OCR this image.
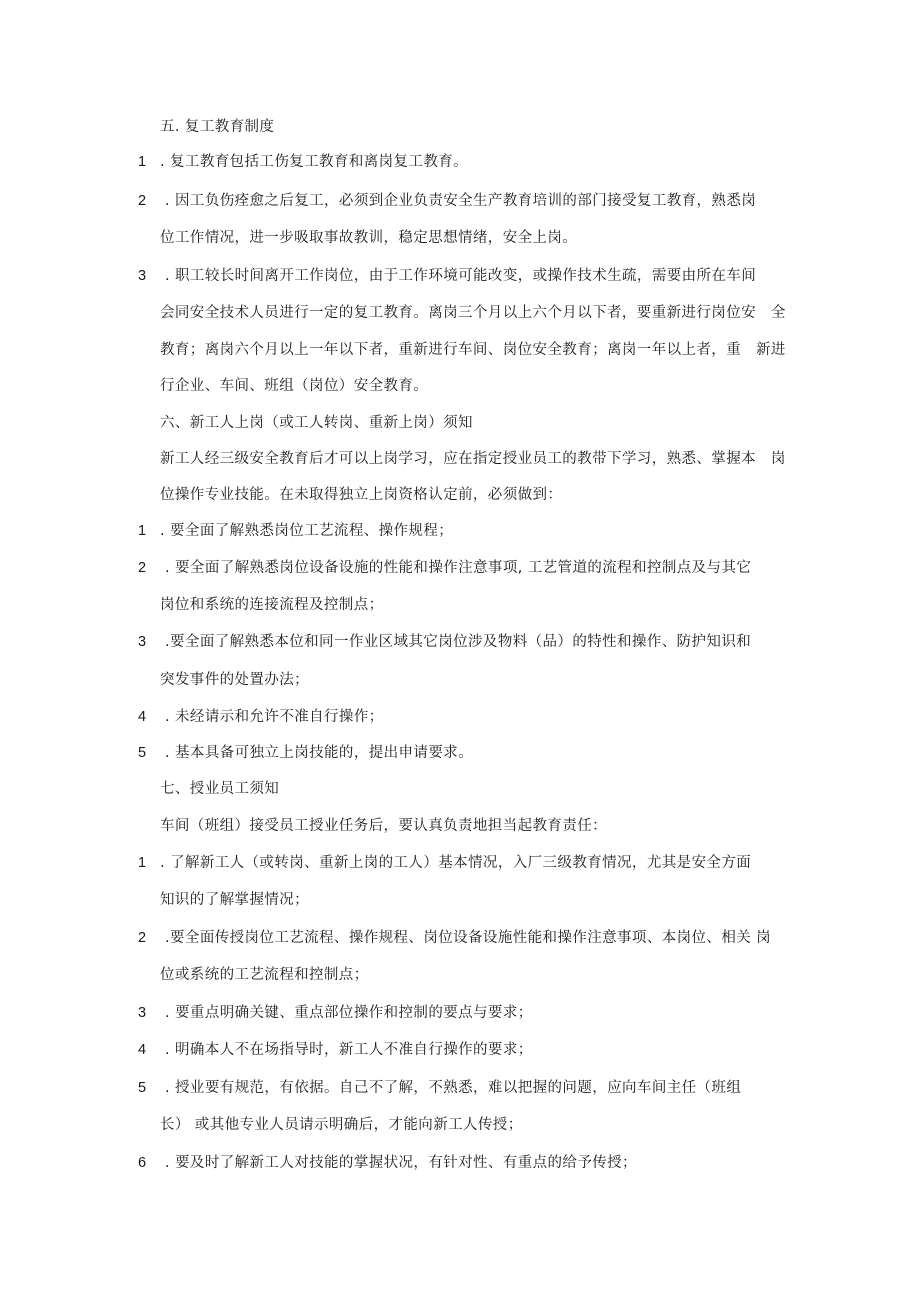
五. 复工教育制度
1 . 复工教育包括工伤复工教育和离岗复工教育。
2 . 因工负伤痊愈之后复工，必须到企业负责安全生产教育培训的部门接受复工教育，熟悉岗
位工作情况，进一步吸取事故教训，稳定思想情绪，安全上岗。
3 . 职工较长时间离开工作岗位，由于工作环境可能改变，或操作技术生疏，需要由所在车间
会同安全技术人员进行一定的复工教育。离岗三个月以上六个月以下者，要重新进行岗位安　全
教育；离岗六个月以上一年以下者，重新进行车间、岗位安全教育；离岗一年以上者，重　新进
行企业、车间、班组（岗位）安全教育。
六、新工人上岗（或工人转岗、重新上岗）须知
新工人经三级安全教育后才可以上岗学习，应在指定授业员工的教带下学习，熟悉、掌握本　岗
位操作专业技能。在未取得独立上岗资格认定前，必须做到：
1 . 要全面了解熟悉岗位工艺流程、操作规程；
2 . 要全面了解熟悉岗位设备设施的性能和操作注意事项, 工艺管道的流程和控制点及与其它
岗位和系统的连接流程及控制点；
3 .要全面了解熟悉本位和同一作业区域其它岗位涉及物料（品）的特性和操作、防护知识和
突发事件的处置办法；
4 . 未经请示和允许不准自行操作；
5 . 基本具备可独立上岗技能的，提出申请要求。
七、授业员工须知
车间（班组）接受员工授业任务后，要认真负责地担当起教育责任：
1 . 了解新工人（或转岗、重新上岗的工人）基本情况，入厂三级教育情况，尤其是安全方面
知识的了解掌握情况；
2 .要全面传授岗位工艺流程、操作规程、岗位设备设施性能和操作注意事项、本岗位、相关 岗
位或系统的工艺流程和控制点；
3 . 要重点明确关键、重点部位操作和控制的要点与要求；
4 . 明确本人不在场指导时，新工人不准自行操作的要求；
5 . 授业要有规范，有依据。自己不了解，不熟悉，难以把握的问题，应向车间主任（班组
长） 或其他专业人员请示明确后，才能向新工人传授；
6 . 要及时了解新工人对技能的掌握状况，有针对性、有重点的给予传授；
